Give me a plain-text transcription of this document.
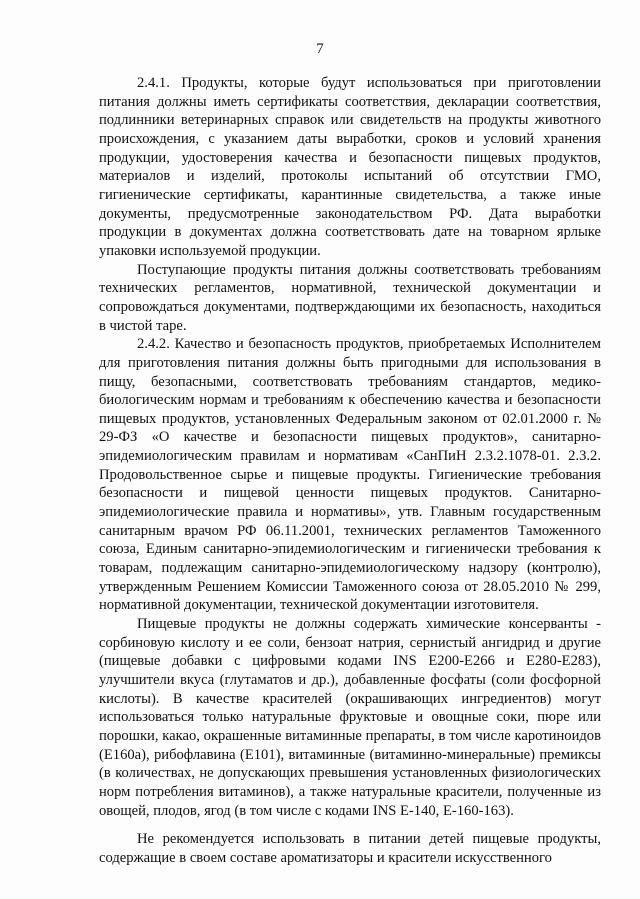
7

2.4.1. Продукты, которые будут использоваться при приготовлении питания должны иметь сертификаты соответствия, декларации соответствия, подлинники ветеринарных справок или свидетельств на продукты животного происхождения, с указанием даты выработки, сроков и условий хранения продукции, удостоверения качества и безопасности пищевых продуктов, материалов и изделий, протоколы испытаний об отсутствии ГМО, гигиенические сертификаты, карантинные свидетельства, а также иные документы, предусмотренные законодательством РФ. Дата выработки продукции в документах должна соответствовать дате на товарном ярлыке упаковки используемой продукции.

Поступающие продукты питания должны соответствовать требованиям технических регламентов, нормативной, технической документации и сопровождаться документами, подтверждающими их безопасность, находиться в чистой таре.

2.4.2. Качество и безопасность продуктов, приобретаемых Исполнителем для приготовления питания должны быть пригодными для использования в пищу, безопасными, соответствовать требованиям стандартов, медико-биологическим нормам и требованиям к обеспечению качества и безопасности пищевых продуктов, установленных Федеральным законом от 02.01.2000 г. № 29-ФЗ «О качестве и безопасности пищевых продуктов», санитарно-эпидемиологическим правилам и нормативам «СанПиН 2.3.2.1078-01. 2.3.2. Продовольственное сырье и пищевые продукты. Гигиенические требования безопасности и пищевой ценности пищевых продуктов. Санитарно-эпидемиологические правила и нормативы», утв. Главным государственным санитарным врачом РФ 06.11.2001, технических регламентов Таможенного союза, Единым санитарно-эпидемиологическим и гигиенически требования к товарам, подлежащим санитарно-эпидемиологическому надзору (контролю), утвержденным Решением Комиссии Таможенного союза от 28.05.2010 № 299, нормативной документации, технической документации изготовителя.

Пищевые продукты не должны содержать химические консерванты - сорбиновую кислоту и ее соли, бензоат натрия, сернистый ангидрид и другие (пищевые добавки с цифровыми кодами INS Е200-Е266 и Е280-Е283), улучшители вкуса (глутаматов и др.), добавленные фосфаты (соли фосфорной кислоты). В качестве красителей (окрашивающих ингредиентов) могут использоваться только натуральные фруктовые и овощные соки, пюре или порошки, какао, окрашенные витаминные препараты, в том числе каротиноидов (Е160а), рибофлавина (Е101), витаминные (витаминно-минеральные) премиксы (в количествах, не допускающих превышения установленных физиологических норм потребления витаминов), а также натуральные красители, полученные из овощей, плодов, ягод (в том числе с кодами INS Е-140, Е-160-163).

Не рекомендуется использовать в питании детей пищевые продукты, содержащие в своем составе ароматизаторы и красители искусственного
